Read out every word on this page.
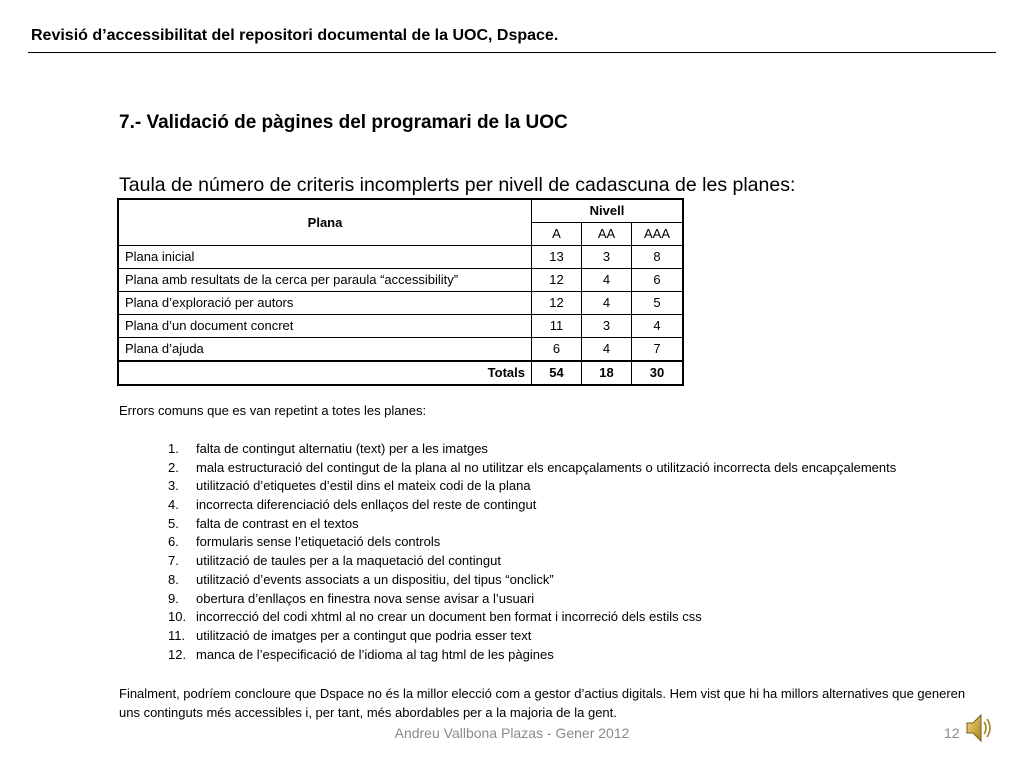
Revisió d’accessibilitat del repositori documental de la UOC, Dspace.
7.- Validació de pàgines del programari de la UOC
Taula de número de criteris incomplerts per nivell de cadascuna de les planes:
Plana	Nivell		
	A	AA	AAA
Plana inicial	13	3	8
Plana amb resultats de la cerca per paraula “accessibility”	12	4	6
Plana d’exploració per autors	12	4	5
Plana d’un document concret	11	3	4
Plana d’ajuda	6	4	7
Totals	54	18	30
Errors comuns que es van repetint a totes les planes:
1. falta de contingut alternatiu (text) per a les imatges
2. mala estructuració del contingut de la plana al no utilitzar els encapçalaments o utilització incorrecta dels encapçalements
3. utilització d’etiquetes d’estil dins el mateix codi de la plana
4. incorrecta diferenciació dels enllaços del reste de contingut
5. falta de contrast en el textos
6. formularis sense l’etiquetació dels controls
7. utilització de taules per a la maquetació del contingut
8. utilització d’events associats a un dispositiu, del tipus “onclick”
9. obertura d’enllaços en finestra nova sense avisar a l’usuari
10. incorrecció del codi xhtml al no crear un document ben format i incorreció dels estils css
11. utilització de imatges per a contingut que podria esser text
12. manca de l’especificació de l’idioma al tag html de les pàgines
Finalment, podríem concloure que Dspace no és la millor elecció com a gestor d’actius digitals. Hem vist que hi ha millors alternatives que generen uns continguts més accessibles i, per tant, més abordables per a la majoria de la gent.
Andreu Vallbona Plazas - Gener 2012	12
